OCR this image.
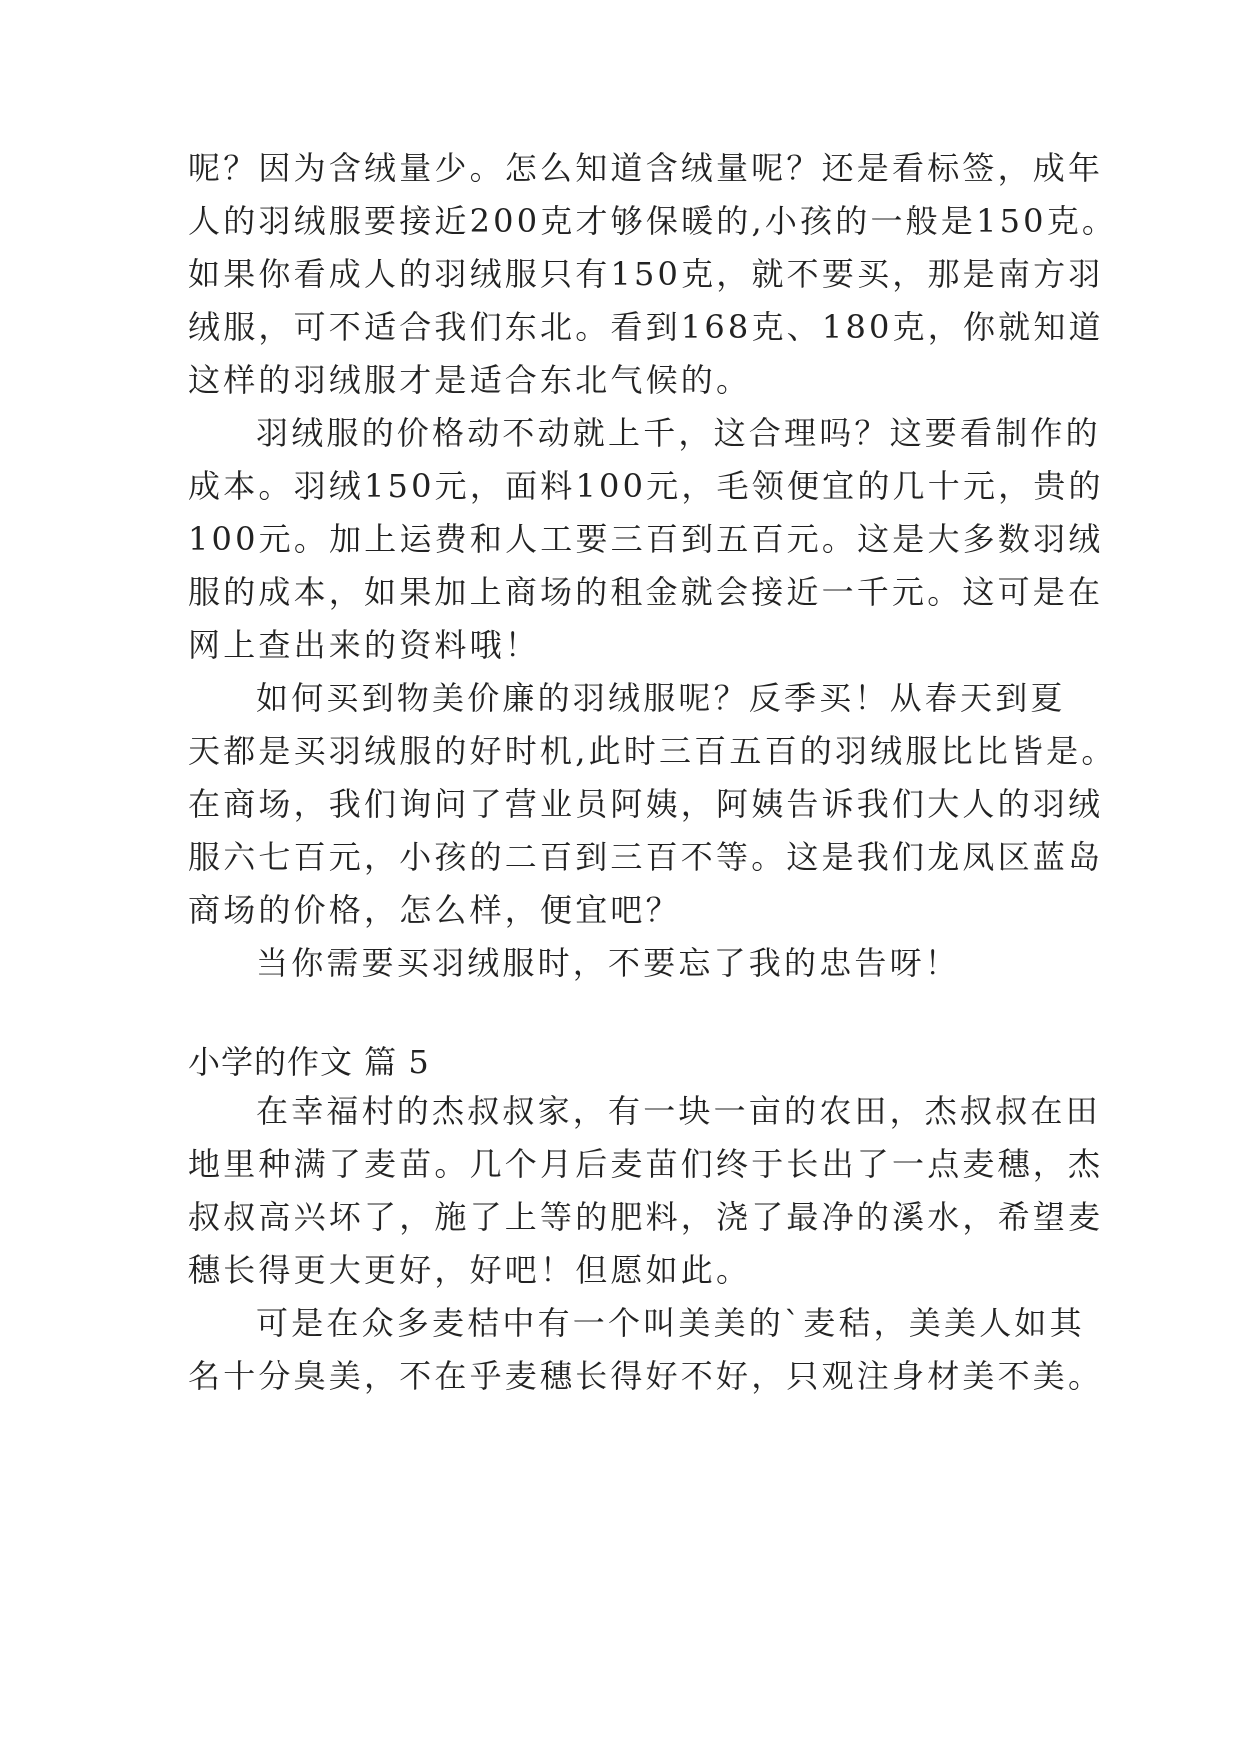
呢？因为含绒量少。怎么知道含绒量呢？还是看标签，成年
人的羽绒服要接近200克才够保暖的,小孩的一般是150克。
如果你看成人的羽绒服只有150克，就不要买，那是南方羽
绒服，可不适合我们东北。看到168克、180克，你就知道
这样的羽绒服才是适合东北气候的。
羽绒服的价格动不动就上千，这合理吗？这要看制作的
成本。羽绒150元，面料100元，毛领便宜的几十元，贵的
100元。加上运费和人工要三百到五百元。这是大多数羽绒
服的成本，如果加上商场的租金就会接近一千元。这可是在
网上查出来的资料哦！
如何买到物美价廉的羽绒服呢？反季买！从春天到夏
天都是买羽绒服的好时机,此时三百五百的羽绒服比比皆是。
在商场，我们询问了营业员阿姨，阿姨告诉我们大人的羽绒
服六七百元，小孩的二百到三百不等。这是我们龙凤区蓝岛
商场的价格，怎么样，便宜吧？
当你需要买羽绒服时，不要忘了我的忠告呀！
小学的作文 篇 5
在幸福村的杰叔叔家，有一块一亩的农田，杰叔叔在田
地里种满了麦苗。几个月后麦苗们终于长出了一点麦穗，杰
叔叔高兴坏了，施了上等的肥料，浇了最净的溪水，希望麦
穗长得更大更好，好吧！但愿如此。
可是在众多麦桔中有一个叫美美的`麦秸，美美人如其
名十分臭美，不在乎麦穗长得好不好，只观注身材美不美。
